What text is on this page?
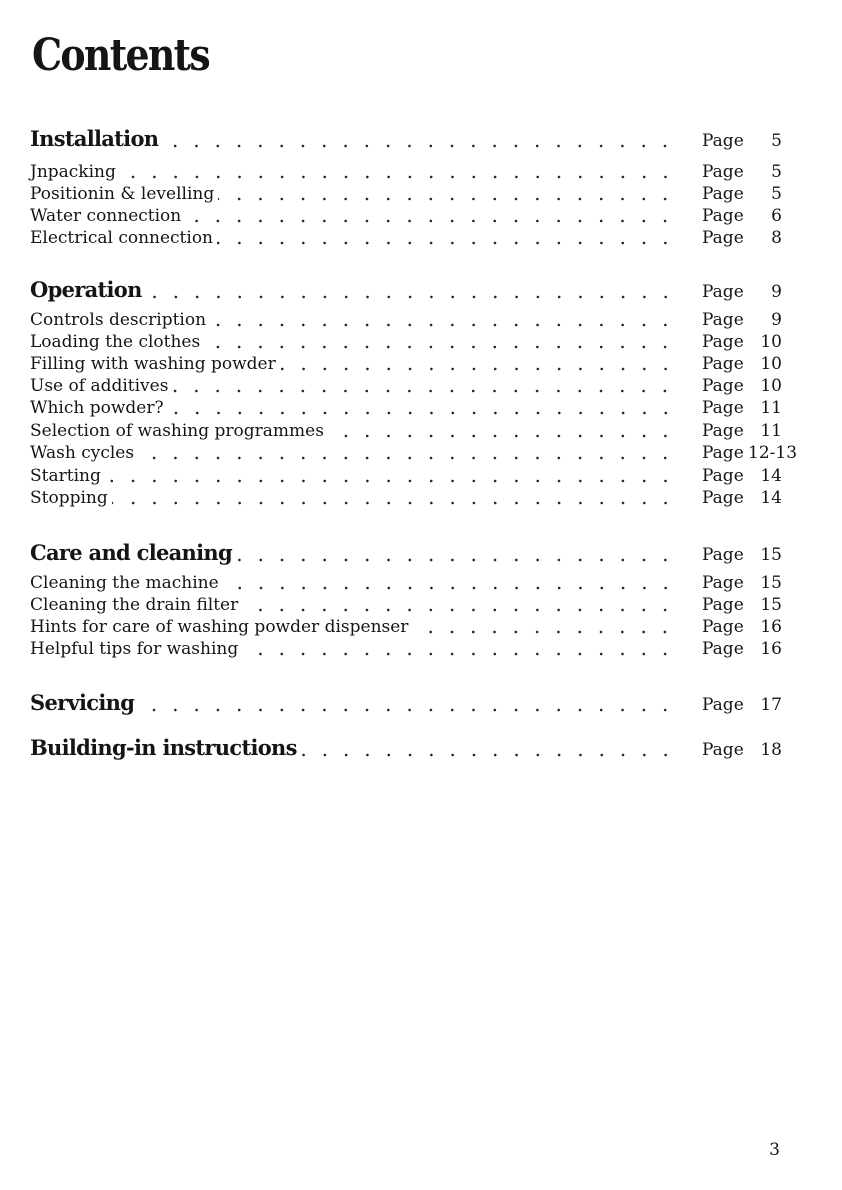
Contents
Installation	Page	5
Jnpacking	Page	5
Positionin & levelling	Page	5
Water connection	Page	6
Electrical connection	Page	8
Operation	Page	9
Controls description	Page	9
Loading the clothes	Page 10
Filling with washing powder	Page 10
Use of additives	Page 10
Which powder?	Page 11
Selection of washing programmes	Page 11
Wash cycles	Page 12-13
Starting	Page 14
Stopping	Page 14
Care and cleaning	Page 15
Cleaning the machine	Page 15
Cleaning the drain filter	Page 15
Hints for care of washing powder dispenser	Page 16
Helpful tips for washing	Page 16
Servicing	Page 17
Building-in instructions	Page 18
3
